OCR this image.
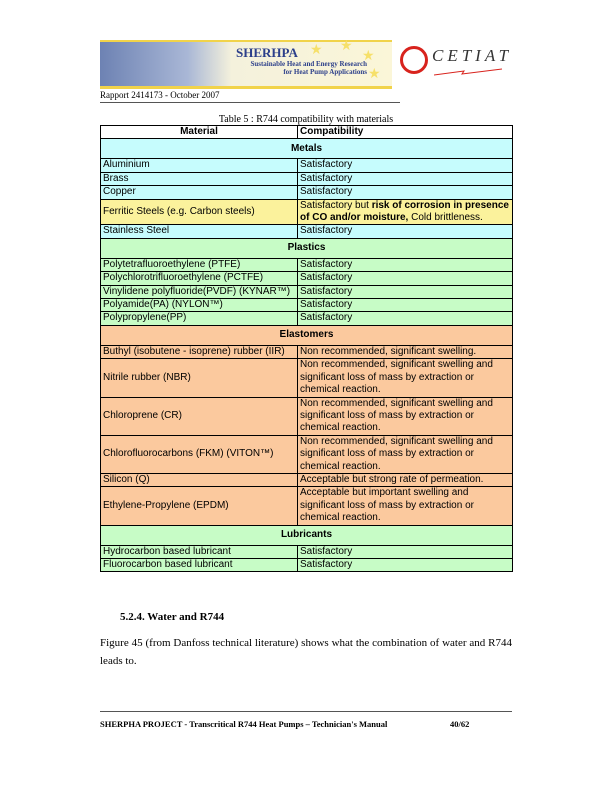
★ ★
★
★
SHERHPA
Sustainable Heat and Energy Research for Heat Pump Applications
CETIAT
Rapport 2414173 - October 2007
Table 5 : R744 compatibility with materials
Material	Compatibility
Metals	
Aluminium	Satisfactory
Brass	Satisfactory
Copper	Satisfactory
Ferritic Steels (e.g. Carbon steels)	Satisfactory but risk of corrosion in presence of CO and/or moisture, Cold brittleness.
Stainless Steel	Satisfactory
Plastics	
Polytetrafluoroethylene (PTFE)	Satisfactory
Polychlorotrifluoroethylene (PCTFE)	Satisfactory
Vinylidene polyfluoride(PVDF) (KYNAR™)	Satisfactory
Polyamide(PA) (NYLON™)	Satisfactory
Polypropylene(PP)	Satisfactory
Elastomers	
Buthyl (isobutene - isoprene) rubber (IIR)	Non recommended, significant swelling.
Nitrile rubber (NBR)	Non recommended, significant swelling and significant loss of mass by extraction or chemical reaction.
Chloroprene (CR)	Non recommended, significant swelling and significant loss of mass by extraction or chemical reaction.
Chlorofluorocarbons (FKM) (VITON™)	Non recommended, significant swelling and significant loss of mass by extraction or chemical reaction.
Silicon (Q)	Acceptable but strong rate of permeation.
Ethylene-Propylene (EPDM)	Acceptable but important swelling and significant loss of mass by extraction or chemical reaction.
Lubricants	
Hydrocarbon based lubricant	Satisfactory
Fluorocarbon based lubricant	Satisfactory
5.2.4. Water and R744
Figure 45 (from Danfoss technical literature) shows what the combination of water and R744 leads to.
SHERPHA PROJECT - Transcritical R744 Heat Pumps – Technician's Manual	40/62
